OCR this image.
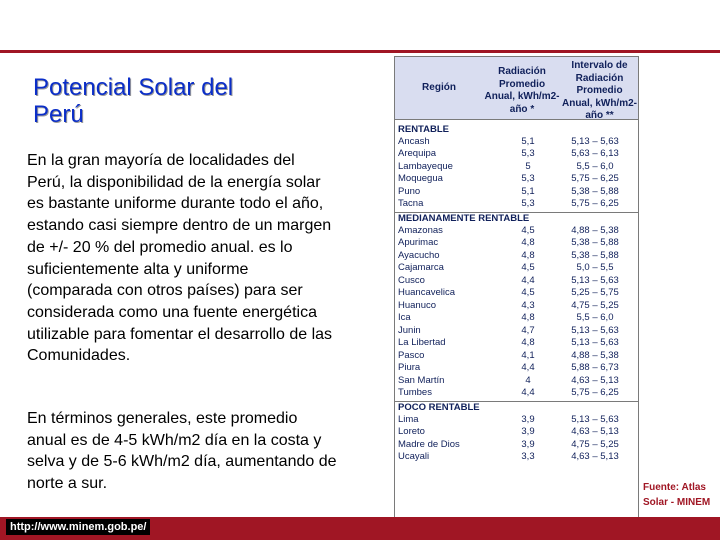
Potencial Solar del Perú

En la gran mayoría de localidades del Perú, la disponibilidad de la energía solar es bastante uniforme durante todo el año, estando casi siempre dentro de un margen de +/- 20 % del promedio anual. es lo suficientemente alta y uniforme (comparada con otros países) para ser considerada como una fuente energética utilizable para fomentar el desarrollo de las Comunidades.

En términos generales, este promedio anual es de 4-5 kWh/m2 día en la costa y selva y de 5-6 kWh/m2 día, aumentando de norte a sur.

Región
Radiación Promedio Anual, kWh/m2-año *
Intervalo de Radiación Promedio Anual, kWh/m2-año **
RENTABLE
Ancash	5,1	5,13 – 5,63
Arequipa	5,3	5,63 – 6,13
Lambayeque	5	5,5 – 6,0
Moquegua	5,3	5,75 – 6,25
Puno	5,1	5,38 – 5,88
Tacna	5,3	5,75 – 6,25
MEDIANAMENTE RENTABLE
Amazonas	4,5	4,88 – 5,38
Apurimac	4,8	5,38 – 5,88
Ayacucho	4,8	5,38 – 5,88
Cajamarca	4,5	5,0 – 5,5
Cusco	4,4	5,13 – 5,63
Huancavelica	4,5	5,25 – 5,75
Huanuco	4,3	4,75 – 5,25
Ica	4,8	5,5 – 6,0
Junin	4,7	5,13 – 5,63
La Libertad	4,8	5,13 – 5,63
Pasco	4,1	4,88 – 5,38
Piura	4,4	5,88 – 6,73
San Martín	4	4,63 – 5,13
Tumbes	4,4	5,75 – 6,25
POCO RENTABLE
Lima	3,9	5,13 – 5,63
Loreto	3,9	4,63 – 5,13
Madre de Dios	3,9	4,75 – 5,25
Ucayali	3,3	4,63 – 5,13
Fuente: Atlas Solar - MINEM
http://www.minem.gob.pe/
